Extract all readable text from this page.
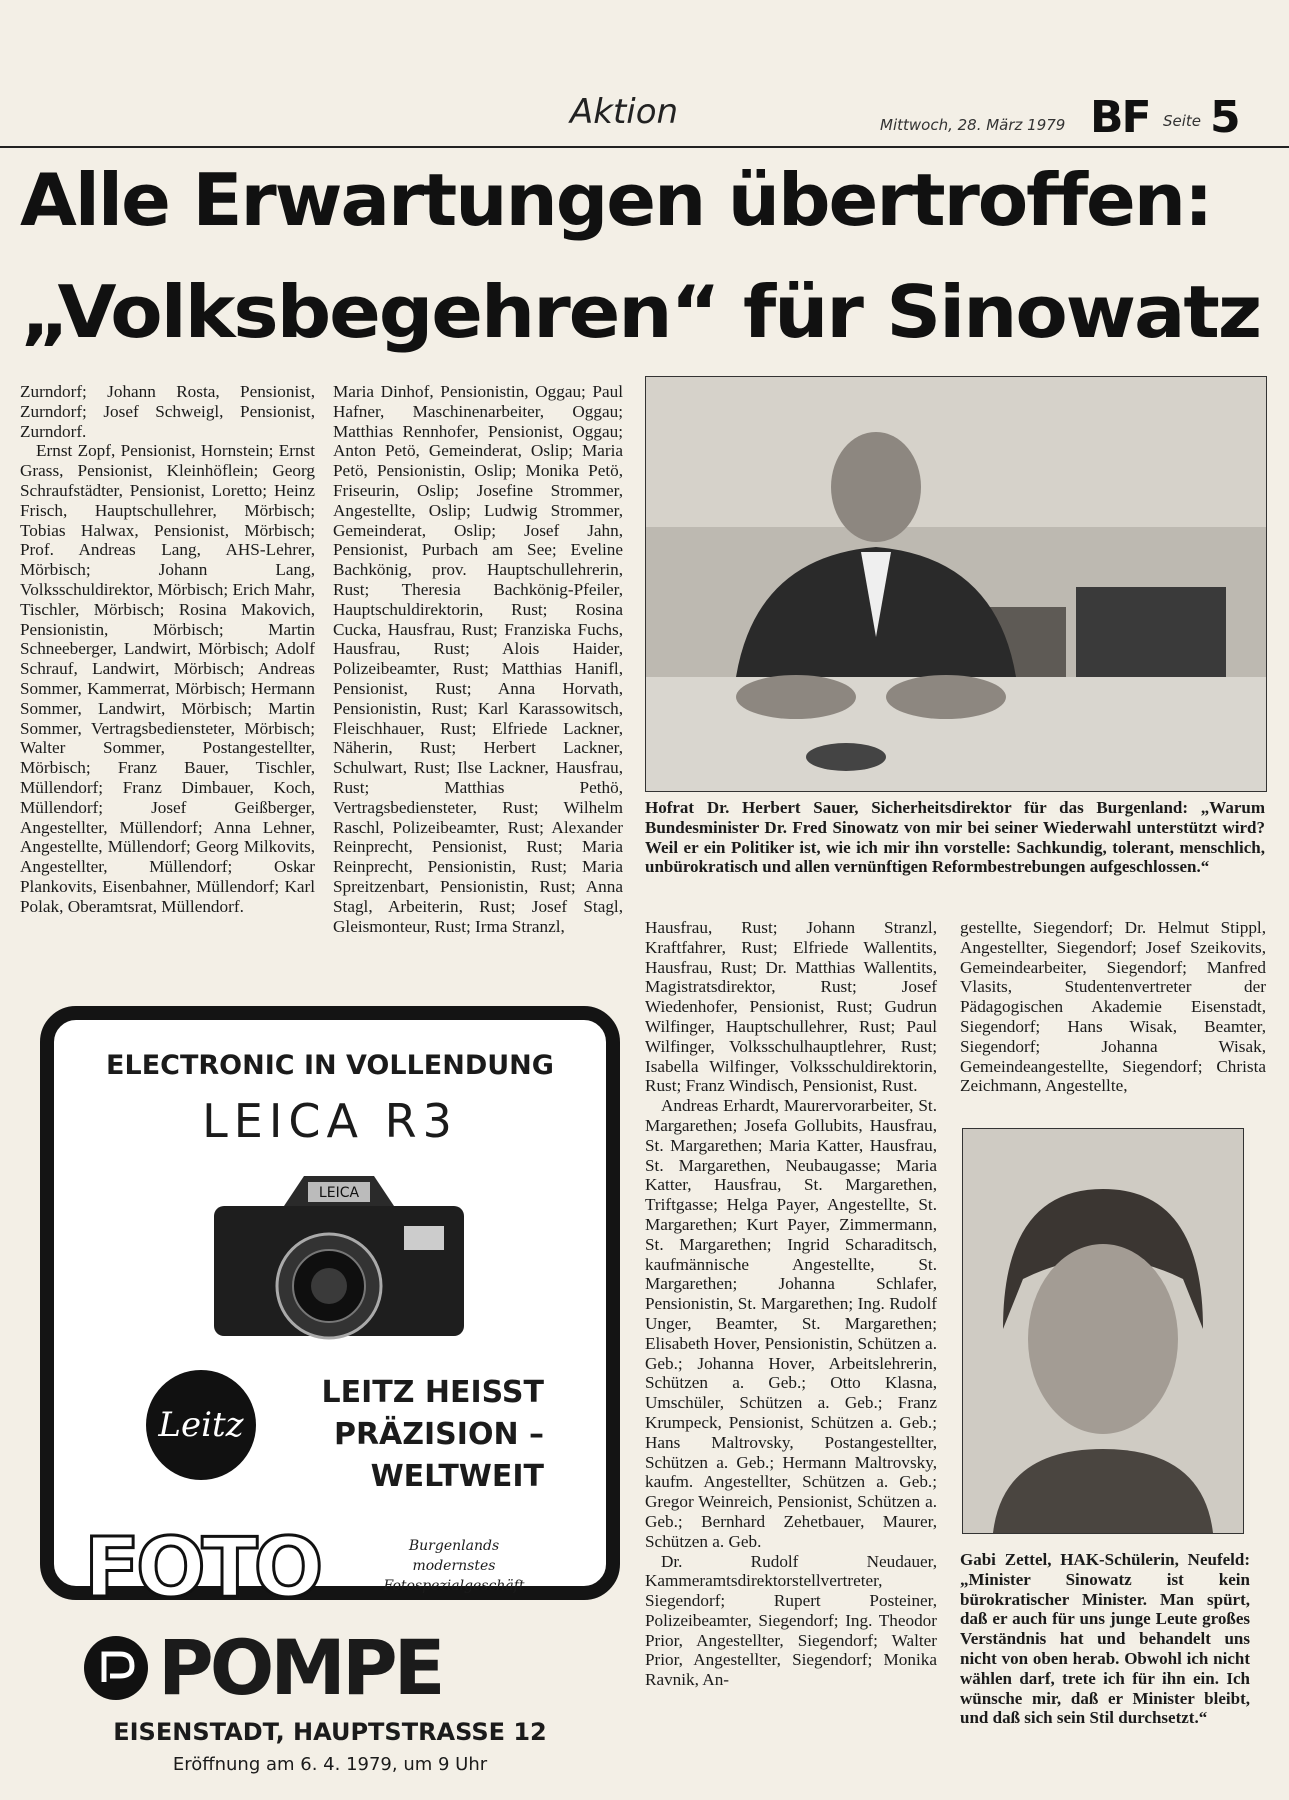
Aktion	Mittwoch, 28. März 1979 BF Seite 5
Alle Erwartungen übertroffen:
„Volksbegehren“ für Sinowatz

Zurndorf; Johann Rosta, Pensionist, Zurndorf; Josef Schweigl, Pensionist, Zurndorf.

Ernst Zopf, Pensionist, Hornstein; Ernst Grass, Pensionist, Kleinhöflein; Georg Schraufstädter, Pensionist, Loretto; Heinz Frisch, Hauptschullehrer, Mörbisch; Tobias Halwax, Pensionist, Mörbisch; Prof. Andreas Lang, AHS-Lehrer, Mörbisch; Johann Lang, Volksschuldirektor, Mörbisch; Erich Mahr, Tischler, Mörbisch; Rosina Makovich, Pensionistin, Mörbisch; Martin Schneeberger, Landwirt, Mörbisch; Adolf Schrauf, Landwirt, Mörbisch; Andreas Sommer, Kammerrat, Mörbisch; Hermann Sommer, Landwirt, Mörbisch; Martin Sommer, Vertragsbediensteter, Mörbisch; Walter Sommer, Postangestellter, Mörbisch; Franz Bauer, Tischler, Müllendorf; Franz Dimbauer, Koch, Müllendorf; Josef Geißberger, Angestellter, Müllendorf; Anna Lehner, Angestellte, Müllendorf; Georg Milkovits, Angestellter, Müllendorf; Oskar Plankovits, Eisenbahner, Müllendorf; Karl Polak, Oberamtsrat, Müllendorf.

Maria Dinhof, Pensionistin, Oggau; Paul Hafner, Maschinenarbeiter, Oggau; Matthias Rennhofer, Pensionist, Oggau; Anton Petö, Gemeinderat, Oslip; Maria Petö, Pensionistin, Oslip; Monika Petö, Friseurin, Oslip; Josefine Strommer, Angestellte, Oslip; Ludwig Strommer, Gemeinderat, Oslip; Josef Jahn, Pensionist, Purbach am See; Eveline Bachkönig, prov. Hauptschullehrerin, Rust; Theresia Bachkönig-Pfeiler, Hauptschuldirektorin, Rust; Rosina Cucka, Hausfrau, Rust; Franziska Fuchs, Hausfrau, Rust; Alois Haider, Polizeibeamter, Rust; Matthias Hanifl, Pensionist, Rust; Anna Horvath, Pensionistin, Rust; Karl Karassowitsch, Fleischhauer, Rust; Elfriede Lackner, Näherin, Rust; Herbert Lackner, Schulwart, Rust; Ilse Lackner, Hausfrau, Rust; Matthias Pethö, Vertragsbediensteter, Rust; Wilhelm Raschl, Polizeibeamter, Rust; Alexander Reinprecht, Pensionist, Rust; Maria Reinprecht, Pensionistin, Rust; Maria Spreitzenbart, Pensionistin, Rust; Anna Stagl, Arbeiterin, Rust; Josef Stagl, Gleismonteur, Rust; Irma Stranzl,

Hofrat Dr. Herbert Sauer, Sicherheitsdirektor für das Burgenland: „Warum Bundesminister Dr. Fred Sinowatz von mir bei seiner Wiederwahl unterstützt wird? Weil er ein Politiker ist, wie ich mir ihn vorstelle: Sachkundig, tolerant, menschlich, unbürokratisch und allen vernünftigen Reformbestrebungen aufgeschlossen.“

Hausfrau, Rust; Johann Stranzl, Kraftfahrer, Rust; Elfriede Wallentits, Hausfrau, Rust; Dr. Matthias Wallentits, Magistratsdirektor, Rust; Josef Wiedenhofer, Pensionist, Rust; Gudrun Wilfinger, Hauptschullehrer, Rust; Paul Wilfinger, Volksschulhauptlehrer, Rust; Isabella Wilfinger, Volksschuldirektorin, Rust; Franz Windisch, Pensionist, Rust.

Andreas Erhardt, Maurervorarbeiter, St. Margarethen; Josefa Gollubits, Hausfrau, St. Margarethen; Maria Katter, Hausfrau, St. Margarethen, Neubaugasse; Maria Katter, Hausfrau, St. Margarethen, Triftgasse; Helga Payer, Angestellte, St. Margarethen; Kurt Payer, Zimmermann, St. Margarethen; Ingrid Scharaditsch, kaufmännische Angestellte, St. Margarethen; Johanna Schlafer, Pensionistin, St. Margarethen; Ing. Rudolf Unger, Beamter, St. Margarethen; Elisabeth Hover, Pensionistin, Schützen a. Geb.; Johanna Hover, Arbeitslehrerin, Schützen a. Geb.; Otto Klasna, Umschüler, Schützen a. Geb.; Franz Krumpeck, Pensionist, Schützen a. Geb.; Hans Maltrovsky, Postangestellter, Schützen a. Geb.; Hermann Maltrovsky, kaufm. Angestellter, Schützen a. Geb.; Gregor Weinreich, Pensionist, Schützen a. Geb.; Bernhard Zehetbauer, Maurer, Schützen a. Geb.

Dr. Rudolf Neudauer, Kammeramtsdirektorstellvertreter, Siegendorf; Rupert Posteiner, Polizeibeamter, Siegendorf; Ing. Theodor Prior, Angestellter, Siegendorf; Walter Prior, Angestellter, Siegendorf; Monika Ravnik, An-

gestellte, Siegendorf; Dr. Helmut Stippl, Angestellter, Siegendorf; Josef Szeikovits, Gemeindearbeiter, Siegendorf; Manfred Vlasits, Studentenvertreter der Pädagogischen Akademie Eisenstadt, Siegendorf; Hans Wisak, Beamter, Siegendorf; Johanna Wisak, Gemeindeangestellte, Siegendorf; Christa Zeichmann, Angestellte,

Gabi Zettel, HAK-Schülerin, Neufeld: „Minister Sinowatz ist kein bürokratischer Minister. Man spürt, daß er auch für uns junge Leute großes Verständnis hat und behandelt uns nicht von oben herab. Obwohl ich nicht wählen darf, trete ich für ihn ein. Ich wünsche mir, daß er Minister bleibt, und daß sich sein Stil durchsetzt.“
ELECTRONIC IN VOLLENDUNG
LEICA R3
LEICA
Leitz
LEITZ HEISST
PRÄZISION –
WELTWEIT
FOTO	Burgenlands
modernstes
Fotospezialgeschäft
POMPE
EISENSTADT, HAUPTSTRASSE 12
Eröffnung am 6. 4. 1979, um 9 Uhr
